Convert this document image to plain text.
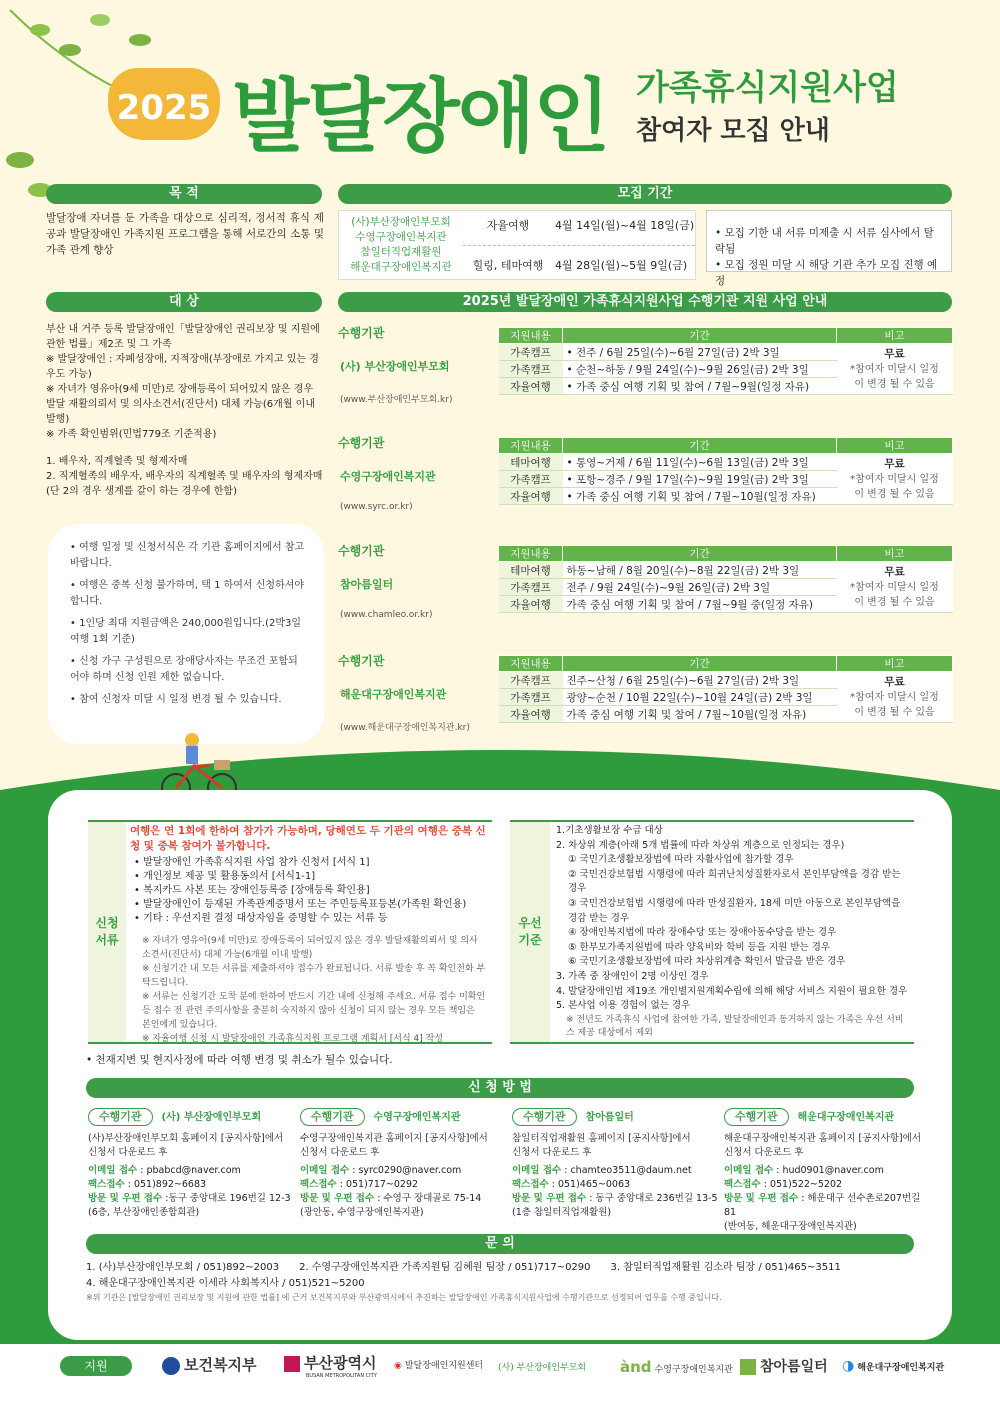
2025 발달장애인 가족휴식지원사업
참여자 모집 안내
목 적
발달장애 자녀를 둔 가족을 대상으로 심리적, 정서적 휴식 제공과 발달장애인 가족지원 프로그램을 통해 서로간의 소통 및 가족 관계 향상
모집 기간
(사)부산장애인부모회
수영구장애인복지관
참일터직업재활원
해운대구장애인복지관
자율여행	4월 14일(월)~4월 18일(금)
힐링, 테마여행	4월 28일(월)~5월 9일(금)
• 모집 기한 내 서류 미제출 시 서류 심사에서 탈락됨
• 모집 정원 미달 시 해당 기관 추가 모집 진행 예정
대 상
부산 내 거주 등록 발달장애인「발달장애인 권리보장 및 지원에 관한 법률」제2조 및 그 가족
※ 발달장애인 : 자폐성장애, 지적장애(부장애로 가지고 있는 경우도 가능)
※ 자녀가 영유아(9세 미만)로 장애등록이 되어있지 않은 경우 발달 재활의뢰서 및 의사소견서(진단서) 대체 가능(6개월 이내 발행)
※ 가족 확인범위(민법779조 기준적용)
1. 배우자, 직계혈족 및 형제자매
2. 직계혈족의 배우자, 배우자의 직계혈족 및 배우자의 형제자매 (단 2의 경우 생계를 같이 하는 경우에 한함)
• 여행 일정 및 신청서식은 각 기관 홈페이지에서 참고 바랍니다.
• 여행은 중복 신청 불가하며, 택 1 하여서 신청하셔야 합니다.
• 1인당 최대 지원금액은 240,000원입니다.(2박3일 여행 1회 기준)
• 신청 가구 구성원으로 장애당사자는 무조건 포함되어야 하며 신청 인원 제한 없습니다.
• 참여 신청자 미달 시 일정 변경 될 수 있습니다.
2025년 발달장애인 가족휴식지원사업 수행기관 지원 사업 안내
수행기관
(사) 부산장애인부모회
(www.부산장애인부모회.kr)
지원내용	기간	비고
가족캠프	• 전주 / 6월 25일(수)~6월 27일(금) 2박 3일	무료
*참여자 미달시 일정이 변경 될 수 있음

가족캠프	• 순천~하동 / 9월 24일(수)~9월 26일(금) 2박 3일	
자율여행	• 가족 중심 여행 기획 및 참여 / 7월~9월(일정 자유)	
수행기관
수영구장애인복지관
(www.syrc.or.kr)
지원내용	기간	비고
테마여행	• 통영~거제 / 6월 11일(수)~6월 13일(금) 2박 3일	무료
*참여자 미달시 일정이 변경 될 수 있음

가족캠프	• 포항~경주 / 9월 17일(수)~9월 19일(금) 2박 3일	
자율여행	• 가족 중심 여행 기획 및 참여 / 7월~10월(일정 자유)	
수행기관
참아름일터
(www.chamleo.or.kr)
지원내용	기간	비고
테마여행	하동~남해 / 8월 20일(수)~8월 22일(금) 2박 3일	무료
*참여자 미달시 일정이 변경 될 수 있음

가족캠프	전주 / 9월 24일(수)~9월 26일(금) 2박 3일	
자율여행	가족 중심 여행 기획 및 참여 / 7월~9월 중(일정 자유)	
수행기관
해운대구장애인복지관
(www.해운대구장애인복지관.kr)
지원내용	기간	비고
가족캠프	진주~산청 / 6월 25일(수)~6월 27일(금) 2박 3일	무료
*참여자 미달시 일정이 변경 될 수 있음

가족캠프	광양~순천 / 10월 22일(수)~10월 24일(금) 2박 3일	
자율여행	가족 중심 여행 기획 및 참여 / 7월~10월(일정 자유)	
신청 서류
여행은 연 1회에 한하여 참가가 가능하며, 당해연도 두 기관의 여행은 중복 신청 및 중복 참여가 불가합니다.
• 발달장애인 가족휴식지원 사업 참가 신청서 [서식 1]
• 개인정보 제공 및 활용동의서 [서식1-1]
• 복지카드 사본 또는 장애인등록증 [장애등록 확인용]
• 발달장애인이 등재된 가족관계증명서 또는 주민등록표등본(가족원 확인용)
• 기타 : 우선지원 결정 대상자임을 증명할 수 있는 서류 등
※ 자녀가 영유아(9세 미만)로 장애등록이 되어있지 않은 경우 발달재활의뢰서 및 의사소견서(진단서) 대체 가능(6개월 이내 발행)
※ 신청기간 내 모든 서류를 제출하셔야 접수가 완료됩니다. 서류 발송 후 꼭 확인전화 부탁드립니다.
※ 서류는 신청기간 도착 분에 한하여 반드시 기간 내에 신청해 주세요. 서류 접수 미확인 등 접수 전 관련 주의사항을 충분히 숙지하지 않아 신청이 되지 않는 경우 모든 책임은 본인에게 있습니다.
※ 자율여행 신청 시 발달장애인 가족휴식지원 프로그램 계획서 [서식 4] 작성
우선 기준
1.기초생활보장 수급 대상
2. 차상위 계층(아래 5개 법률에 따라 차상위 계층으로 인정되는 경우)
① 국민기초생활보장법에 따라 자활사업에 참가할 경우
② 국민건강보험법 시행령에 따라 희귀난치성질환자로서 본인부담액을 경감 받는 경우
③ 국민건강보험법 시행령에 따라 만성질환자, 18세 미만 아동으로 본인부담액을 경감 받는 경우
④ 장애인복지법에 따라 장애수당 또는 장애아동수당을 받는 경우
⑤ 한부모가족지원법에 따라 양육비와 학비 등을 지원 받는 경우
⑥ 국민기초생활보장법에 따라 차상위계층 확인서 발급을 받은 경우
3. 가족 중 장애인이 2명 이상인 경우
4. 발달장애인법 제19조 개인별지원계획수립에 의해 해당 서비스 지원이 필요한 경우
5. 본사업 이용 경험이 없는 경우
※ 전년도 가족휴식 사업에 참여한 가족, 발달장애인과 동거하지 않는 가족은 우선 서비스 제공 대상에서 제외
• 천재지변 및 현지사정에 따라 여행 변경 및 취소가 될수 있습니다.
신 청 방 법
수행기관 (사) 부산장애인부모회
(사)부산장애인부모회 홈페이지 [공지사항]에서
신청서 다운로드 후
이메일 접수 : pbabcd@naver.com
팩스접수 : 051)892~6683
방문 및 우편 접수 :동구 중앙대로 196번길 12-3
(6층, 부산장애인종합회관)
수행기관 수영구장애인복지관
수영구장애인복지관 홈페이지 [공지사항]에서
신청서 다운로드 후
이메일 접수 : syrc0290@naver.com
팩스접수 : 051)717~0292
방문 및 우편 접수 : 수영구 장대골로 75-14
(광안동, 수영구장애인복지관)
수행기관 참아름일터
참일터직업재활원 홈페이지 [공지사항]에서
신청서 다운로드 후
이메일 접수 : chamteo3511@daum.net
팩스접수 : 051)465~0063
방문 및 우편 접수 : 동구 중앙대로 236번길 13-5
(1층 참일터직업재활원)
수행기관 해운대구장애인복지관
해운대구장애인복지관 홈페이지 [공지사항]에서
신청서 다운로드 후
이메일 접수 : hud0901@naver.com
팩스접수 : 051)522~5202
방문 및 우편 접수 : 해운대구 선수촌로207번길 81
(반여동, 해운대구장애인복지관)
문 의
1. (사)부산장애인부모회 / 051)892~2003　　2. 수영구장애인복지관 가족지원팀 김혜원 팀장 / 051)717~0290　　3. 참일터직업재활원 김소라 팀장 / 051)465~3511
4. 해운대구장애인복지관 이세라 사회복지사 / 051)521~5200
※위 기관은 [발달장애인 권리보장 및 지원에 관한 법률] 에 근거 보건복지부와 부산광역시에서 추진하는 발달장애인 가족휴식지원사업에 수행기관으로 선정되어 업무를 수행 중입니다.
지원	보건복지부	부산광역시
BUSAN METROPOLITAN CITY
◉ 발달장애인지원센터 (사) 부산장애인부모회 ànd 수영구장애인복지관	참아름일터 ◑ 해운대구장애인복지관
